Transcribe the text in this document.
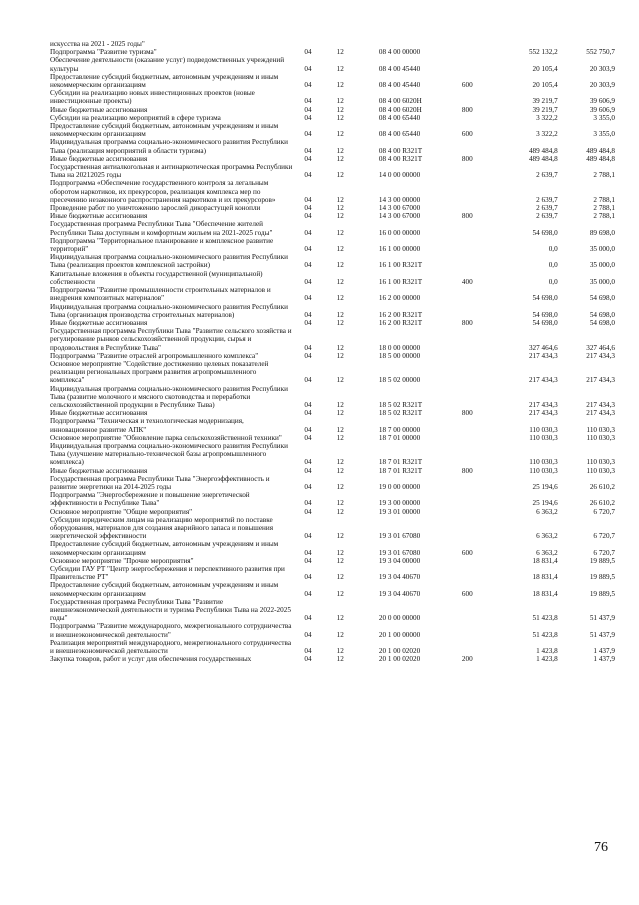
искусства на 2021 - 2025 годы"
Подпрограмма "Развитие туризма"	04	12	08 4 00 00000	552 132,2	552 750,7
Обеспечение деятельности (оказание услуг) подведомственных учреждений культуры	04	12	08 4 00 45440	20 105,4	20 303,9
Предоставление субсидий бюджетным, автономным учреждениям и иным некоммерческим организациям	04	12	08 4 00 45440	600	20 105,4	20 303,9
Субсидии на реализацию новых инвестиционных проектов (новые инвестиционные проекты)	04	12	08 4 00 6020Н	39 219,7	39 606,9
Иные бюджетные ассигнования	04	12	08 4 00 6020Н	800	39 219,7	39 606,9
Субсидии на реализацию мероприятий в сфере туризма	04	12	08 4 00 65440	3 322,2	3 355,0
Предоставление субсидий бюджетным, автономным учреждениям и иным некоммерческим организациям	04	12	08 4 00 65440	600	3 322,2	3 355,0
Индивидуальная программа социально-экономического развития Республики Тыва (реализация мероприятий в области туризма)	04	12	08 4 00 R321Т	489 484,8	489 484,8
Иные бюджетные ассигнования	04	12	08 4 00 R321Т	800	489 484,8	489 484,8
Государственная антиалкогольная и антинаркотическая программа Республики Тыва на 20212025 годы	04	12	14 0 00 00000	2 639,7	2 788,1
Подпрограмма «Обеспечение государственного контроля за легальным оборотом наркотиков, их прекурсоров, реализация комплекса мер по пресечению незаконного распространения наркотиков и их прекурсоров»	04	12	14 3 00 00000	2 639,7	2 788,1
Проведение работ по уничтожению зарослей дикорастущей конопли	04	12	14 3 00 67000	2 639,7	2 788,1
Иные бюджетные ассигнования	04	12	14 3 00 67000	800	2 639,7	2 788,1
Государственная программа Республики Тыва "Обеспечение жителей Республики Тыва доступным и комфортным жильем на 2021-2025 годы"	04	12	16 0 00 00000	54 698,0	89 698,0
Подпрограмма "Территориальное планирование и комплексное развитие территорий"	04	12	16 1 00 00000	0,0	35 000,0
Индивидуальная программа социально-экономического развития Республики Тыва (реализация проектов комплексной застройки)	04	12	16 1 00 R321Т	0,0	35 000,0
Капитальные вложения в объекты государственной (муниципальной) собственности	04	12	16 1 00 R321Т	400	0,0	35 000,0
Подпрограмма "Развитие промышленности строительных материалов и внедрения композитных материалов"	04	12	16 2 00 00000	54 698,0	54 698,0
Индивидуальная программа социально-экономического развития Республики Тыва (организация производства строительных материалов)	04	12	16 2 00 R321Т	54 698,0	54 698,0
Иные бюджетные ассигнования	04	12	16 2 00 R321Т	800	54 698,0	54 698,0
Государственная программа Республики Тыва "Развитие сельского хозяйства и регулирование рынков сельскохозяйственной продукции, сырья и продовольствия в Республике Тыва"	04	12	18 0 00 00000	327 464,6	327 464,6
Подпрограмма "Развитие отраслей агропромышленного комплекса"	04	12	18 5 00 00000	217 434,3	217 434,3
Основное мероприятие "Содействие достижению целевых показателей реализации региональных программ развития агропромышленного комплекса"	04	12	18 5 02 00000	217 434,3	217 434,3
Индивидуальная программа социально-экономического развития Республики Тыва (развитие молочного и мясного скотоводства и переработки сельскохозяйственной продукции в Республике Тыва)	04	12	18 5 02 R321Т	217 434,3	217 434,3
Иные бюджетные ассигнования	04	12	18 5 02 R321Т	800	217 434,3	217 434,3
Подпрограмма "Техническая и технологическая модернизация, инновационное развитие АПК"	04	12	18 7 00 00000	110 030,3	110 030,3
Основное мероприятие "Обновление парка сельскохозяйственной техники"	04	12	18 7 01 00000	110 030,3	110 030,3
Индивидуальная программа социально-экономического развития Республики Тыва (улучшение материально-технической базы агропромышленного комплекса)	04	12	18 7 01 R321Т	110 030,3	110 030,3
Иные бюджетные ассигнования	04	12	18 7 01 R321Т	800	110 030,3	110 030,3
Государственная программа Республики Тыва "Энергоэффективность и развитие энергетики на 2014-2025 годы	04	12	19 0 00 00000	25 194,6	26 610,2
Подпрограмма "Энергосбережение и повышение энергетической эффективности в Республике Тыва"	04	12	19 3 00 00000	25 194,6	26 610,2
Основное мероприятие "Общие мероприятия"	04	12	19 3 01 00000	6 363,2	6 720,7
Субсидии юридическим лицам на реализацию мероприятий по поставке оборудования, материалов для создания аварийного запаса и повышения энергетической эффективности	04	12	19 3 01 67080	6 363,2	6 720,7
Предоставление субсидий бюджетным, автономным учреждениям и иным некоммерческим организациям	04	12	19 3 01 67080	600	6 363,2	6 720,7
Основное мероприятие "Прочие мероприятия"	04	12	19 3 04 00000	18 831,4	19 889,5
Субсидии ГАУ РТ "Центр энергосбережения и перспективного развития при Правительстве РТ"	04	12	19 3 04 40670	18 831,4	19 889,5
Предоставление субсидий бюджетным, автономным учреждениям и иным некоммерческим организациям	04	12	19 3 04 40670	600	18 831,4	19 889,5
Государственная программа Республики Тыва "Развитие внешнеэкономической деятельности и туризма Республики Тыва на 2022-2025 годы"	04	12	20 0 00 00000	51 423,8	51 437,9
Подпрограмма "Развитие международного, межрегионального сотрудничества и внешнеэкономической деятельности"	04	12	20 1 00 00000	51 423,8	51 437,9
Реализация мероприятий международного, межрегионального сотрудничества и внешнеэкономической деятельности	04	12	20 1 00 02020	1 423,8	1 437,9
Закупка товаров, работ и услуг для обеспечения государственных	04	12	20 1 00 02020	200	1 423,8	1 437,9
76
